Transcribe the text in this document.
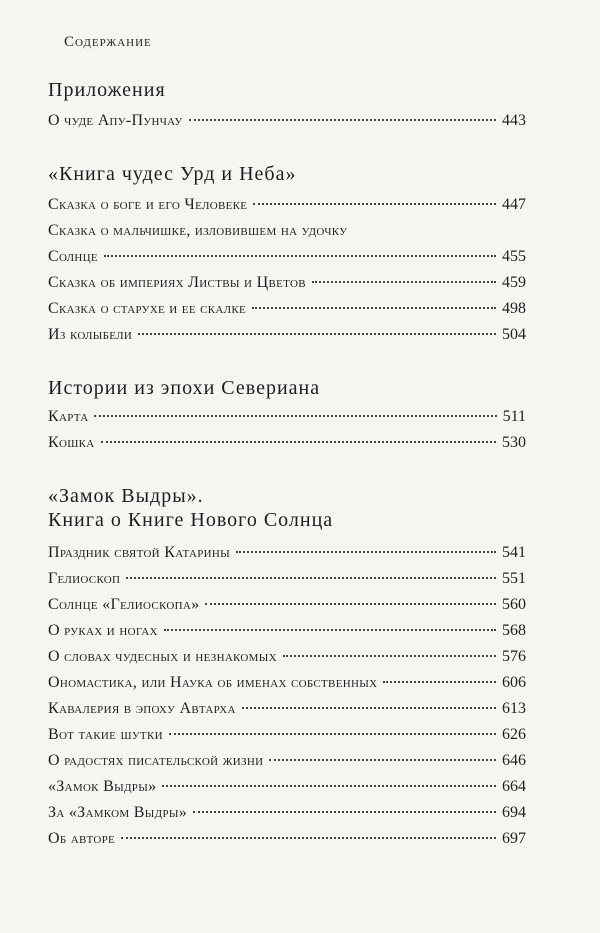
Содержание

Приложения
О чуде Апу-Пунчау	443
«Книга чудес Урд и Неба»
Сказка о боге и его Человеке	447
Сказка о мальчишке, изловившем на удочку
Солнце	455
Сказка об империях Листвы и Цветов	459
Сказка о старухе и ее скалке	498
Из колыбели	504
Истории из эпохи Севериана
Карта	511
Кошка	530
«Замок Выдры».
Книга о Книге Нового Солнца
Праздник святой Катарины	541
Гелиоскоп	551
Солнце «Гелиоскопа»	560
О руках и ногах	568
О словах чудесных и незнакомых	576
Ономастика, или Наука об именах собственных	606
Кавалерия в эпоху Автарха	613
Вот такие шутки	626
О радостях писательской жизни	646
«Замок Выдры»	664
За «Замком Выдры»	694
Об авторе	697
